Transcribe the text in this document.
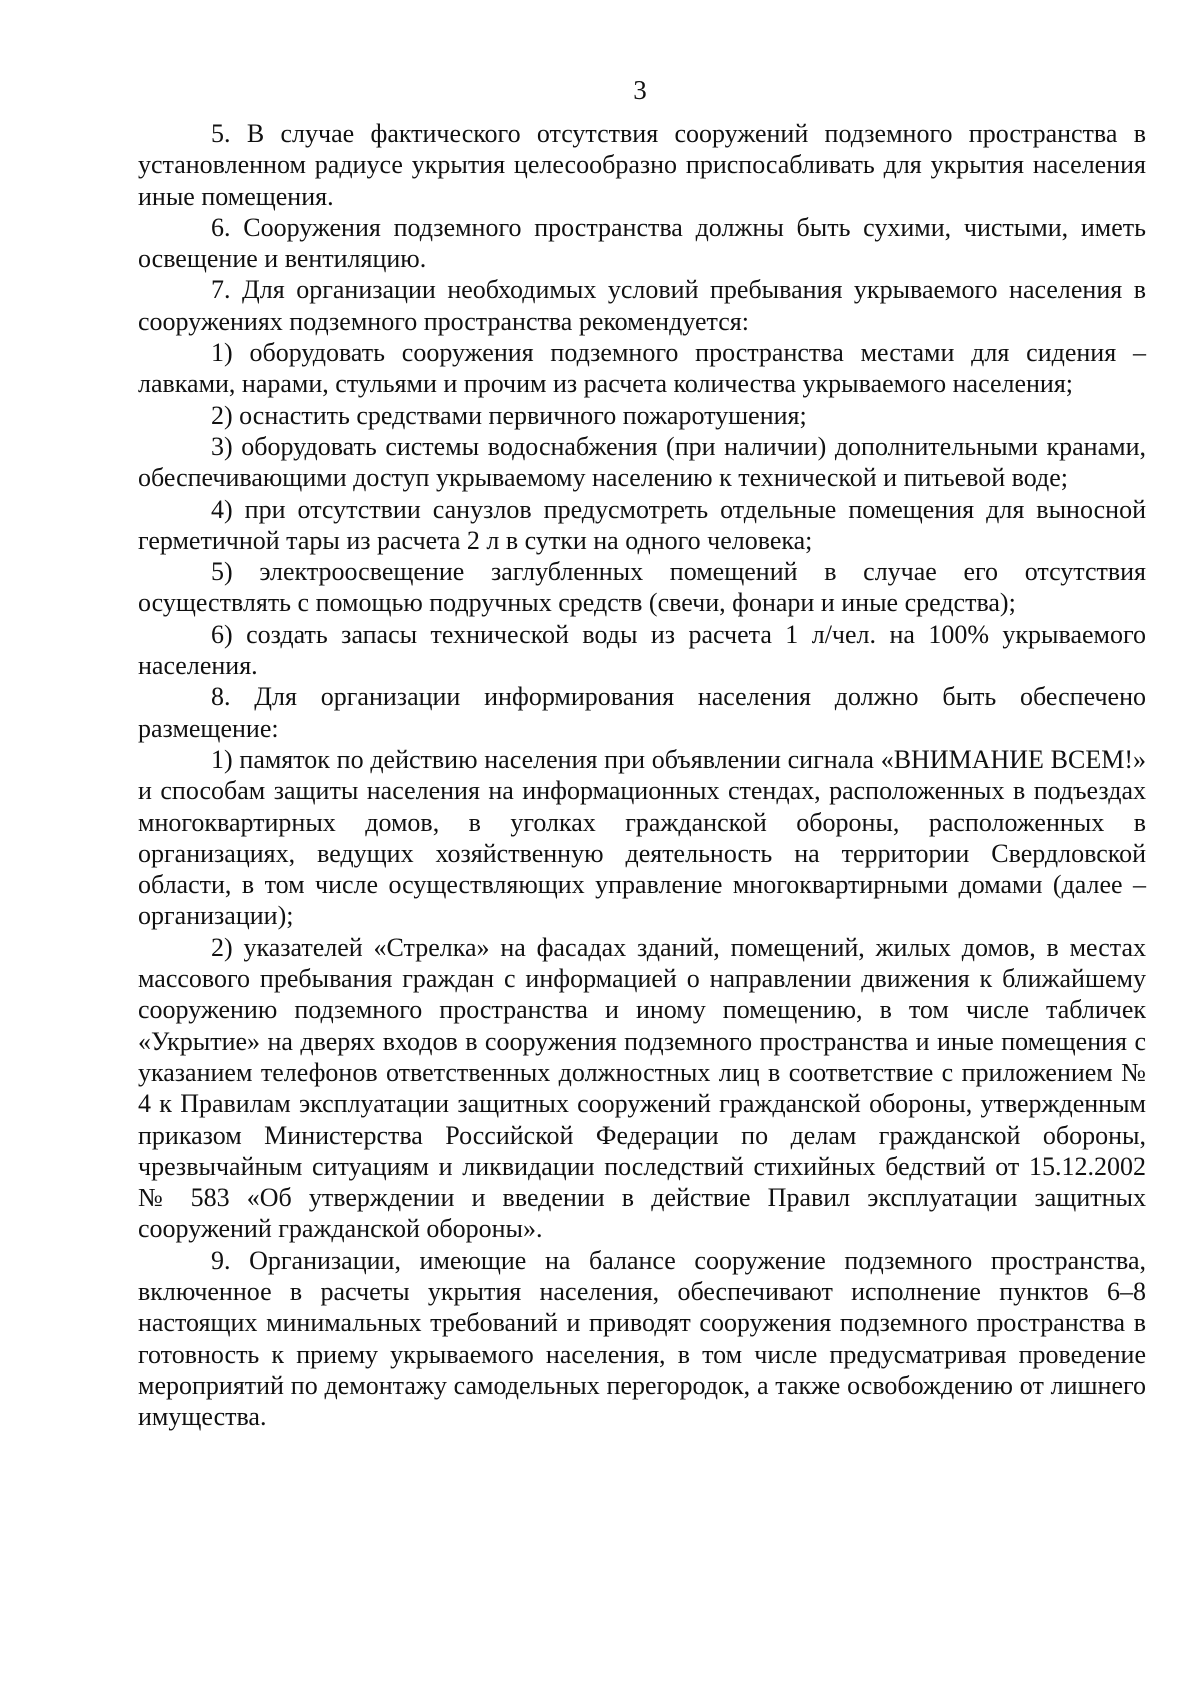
3

5. В случае фактического отсутствия сооружений подземного пространства в установленном радиусе укрытия целесообразно приспосабливать для укрытия населения иные помещения.

6. Сооружения подземного пространства должны быть сухими, чистыми, иметь освещение и вентиляцию.

7. Для организации необходимых условий пребывания укрываемого населения в сооружениях подземного пространства рекомендуется:

1) оборудовать сооружения подземного пространства местами для сидения – лавками, нарами, стульями и прочим из расчета количества укрываемого населения;

2) оснастить средствами первичного пожаротушения;

3) оборудовать системы водоснабжения (при наличии) дополнительными кранами, обеспечивающими доступ укрываемому населению к технической и питьевой воде;

4) при отсутствии санузлов предусмотреть отдельные помещения для выносной герметичной тары из расчета 2 л в сутки на одного человека;

5) электроосвещение заглубленных помещений в случае его отсутствия осуществлять с помощью подручных средств (свечи, фонари и иные средства);

6) создать запасы технической воды из расчета 1 л/чел. на 100% укрываемого населения.

8. Для организации информирования населения должно быть обеспечено размещение:

1) памяток по действию населения при объявлении сигнала «ВНИМАНИЕ ВСЕМ!» и способам защиты населения на информационных стендах, расположенных в подъездах многоквартирных домов, в уголках гражданской обороны, расположенных в организациях, ведущих хозяйственную деятельность на территории Свердловской области, в том числе осуществляющих управление многоквартирными домами (далее – организации);

2) указателей «Стрелка» на фасадах зданий, помещений, жилых домов, в местах массового пребывания граждан с информацией о направлении движения к ближайшему сооружению подземного пространства и иному помещению, в том числе табличек «Укрытие» на дверях входов в сооружения подземного пространства и иные помещения с указанием телефонов ответственных должностных лиц в соответствие с приложением № 4 к Правилам эксплуатации защитных сооружений гражданской обороны, утвержденным приказом Министерства Российской Федерации по делам гражданской обороны, чрезвычайным ситуациям и ликвидации последствий стихийных бедствий от 15.12.2002 № 583 «Об утверждении и введении в действие Правил эксплуатации защитных сооружений гражданской обороны».

9. Организации, имеющие на балансе сооружение подземного пространства, включенное в расчеты укрытия населения, обеспечивают исполнение пунктов 6–8 настоящих минимальных требований и приводят сооружения подземного пространства в готовность к приему укрываемого населения, в том числе предусматривая проведение мероприятий по демонтажу самодельных перегородок, а также освобождению от лишнего имущества.
